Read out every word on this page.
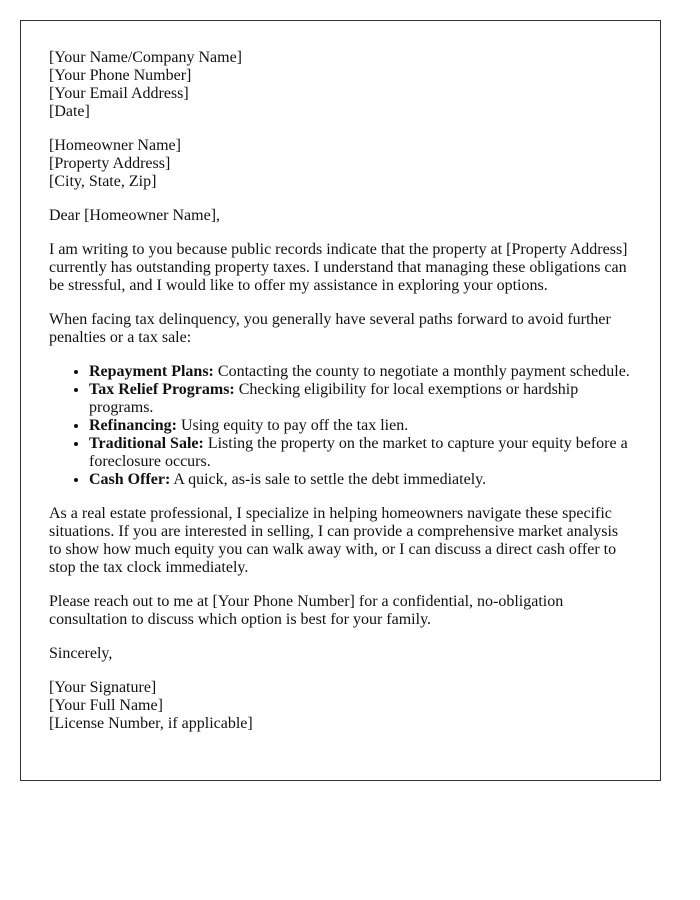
[Your Name/Company Name]
[Your Phone Number]
[Your Email Address]
[Date]
[Homeowner Name]
[Property Address]
[City, State, Zip]

Dear [Homeowner Name],

I am writing to you because public records indicate that the property at [Property Address] currently has outstanding property taxes. I understand that managing these obligations can be stressful, and I would like to offer my assistance in exploring your options.

When facing tax delinquency, you generally have several paths forward to avoid further penalties or a tax sale:

• Repayment Plans: Contacting the county to negotiate a monthly payment schedule.
• Tax Relief Programs: Checking eligibility for local exemptions or hardship programs.
• Refinancing: Using equity to pay off the tax lien.
• Traditional Sale: Listing the property on the market to capture your equity before a foreclosure occurs.
• Cash Offer: A quick, as-is sale to settle the debt immediately.

As a real estate professional, I specialize in helping homeowners navigate these specific situations. If you are interested in selling, I can provide a comprehensive market analysis to show how much equity you can walk away with, or I can discuss a direct cash offer to stop the tax clock immediately.

Please reach out to me at [Your Phone Number] for a confidential, no-obligation consultation to discuss which option is best for your family.

Sincerely,

[Your Signature]
[Your Full Name]
[License Number, if applicable]
